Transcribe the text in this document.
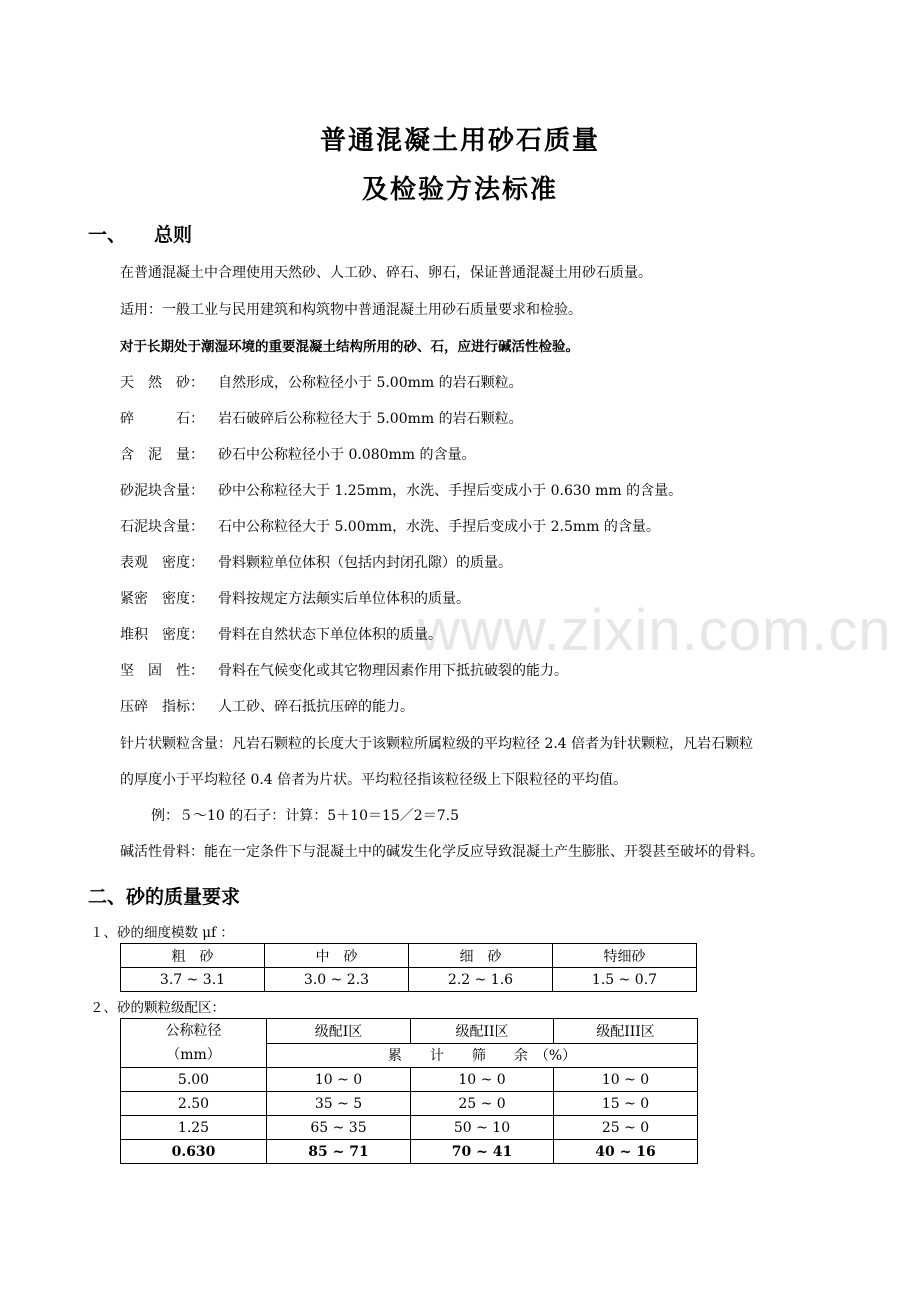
www.zixin.com.cn
普通混凝土用砂石质量
及检验方法标准
一、 总则
在普通混凝土中合理使用天然砂、人工砂、碎石、卵石，保证普通混凝土用砂石质量。
适用：一般工业与民用建筑和构筑物中普通混凝土用砂石质量要求和检验。
对于长期处于潮湿环境的重要混凝土结构所用的砂、石，应进行碱活性检验。
天　然　砂： 自然形成，公称粒径小于 5.00mm 的岩石颗粒。
碎　　　石： 岩石破碎后公称粒径大于 5.00mm 的岩石颗粒。
含　泥　量： 砂石中公称粒径小于 0.080mm 的含量。
砂泥块含量： 砂中公称粒径大于 1.25mm，水洗、手捏后变成小于 0.630 mm 的含量。
石泥块含量： 石中公称粒径大于 5.00mm，水洗、手捏后变成小于 2.5mm 的含量。
表观　密度： 骨料颗粒单位体积（包括内封闭孔隙）的质量。
紧密　密度： 骨料按规定方法颠实后单位体积的质量。
堆积　密度： 骨料在自然状态下单位体积的质量。
坚　固　性： 骨料在气候变化或其它物理因素作用下抵抗破裂的能力。
压碎　指标： 人工砂、碎石抵抗压碎的能力。
针片状颗粒含量：凡岩石颗粒的长度大于该颗粒所属粒级的平均粒径 2.4 倍者为针状颗粒，凡岩石颗粒
的厚度小于平均粒径 0.4 倍者为片状。平均粒径指该粒径级上下限粒径的平均值。
例：５～10 的石子：计算：5＋10＝15／2＝7.5
碱活性骨料：能在一定条件下与混凝土中的碱发生化学反应导致混凝土产生膨胀、开裂甚至破坏的骨料。
二、砂的质量要求
１、砂的细度模数 μf ：
粗　砂	中　砂	细　砂	特细砂
3.7 ~ 3.1	3.0 ~ 2.3	2.2 ~ 1.6	1.5 ~ 0.7
２、砂的颗粒级配区：
公称粒径
（mm）	级配I区	级配II区	级配III区
	累　　计　　筛　　余　（%）		
5.00	10 ~ 0	10 ~ 0	10 ~ 0
2.50	35 ~ 5	25 ~ 0	15 ~ 0
1.25	65 ~ 35	50 ~ 10	25 ~ 0
0.630	85 ~ 71	70 ~ 41	40 ~ 16
